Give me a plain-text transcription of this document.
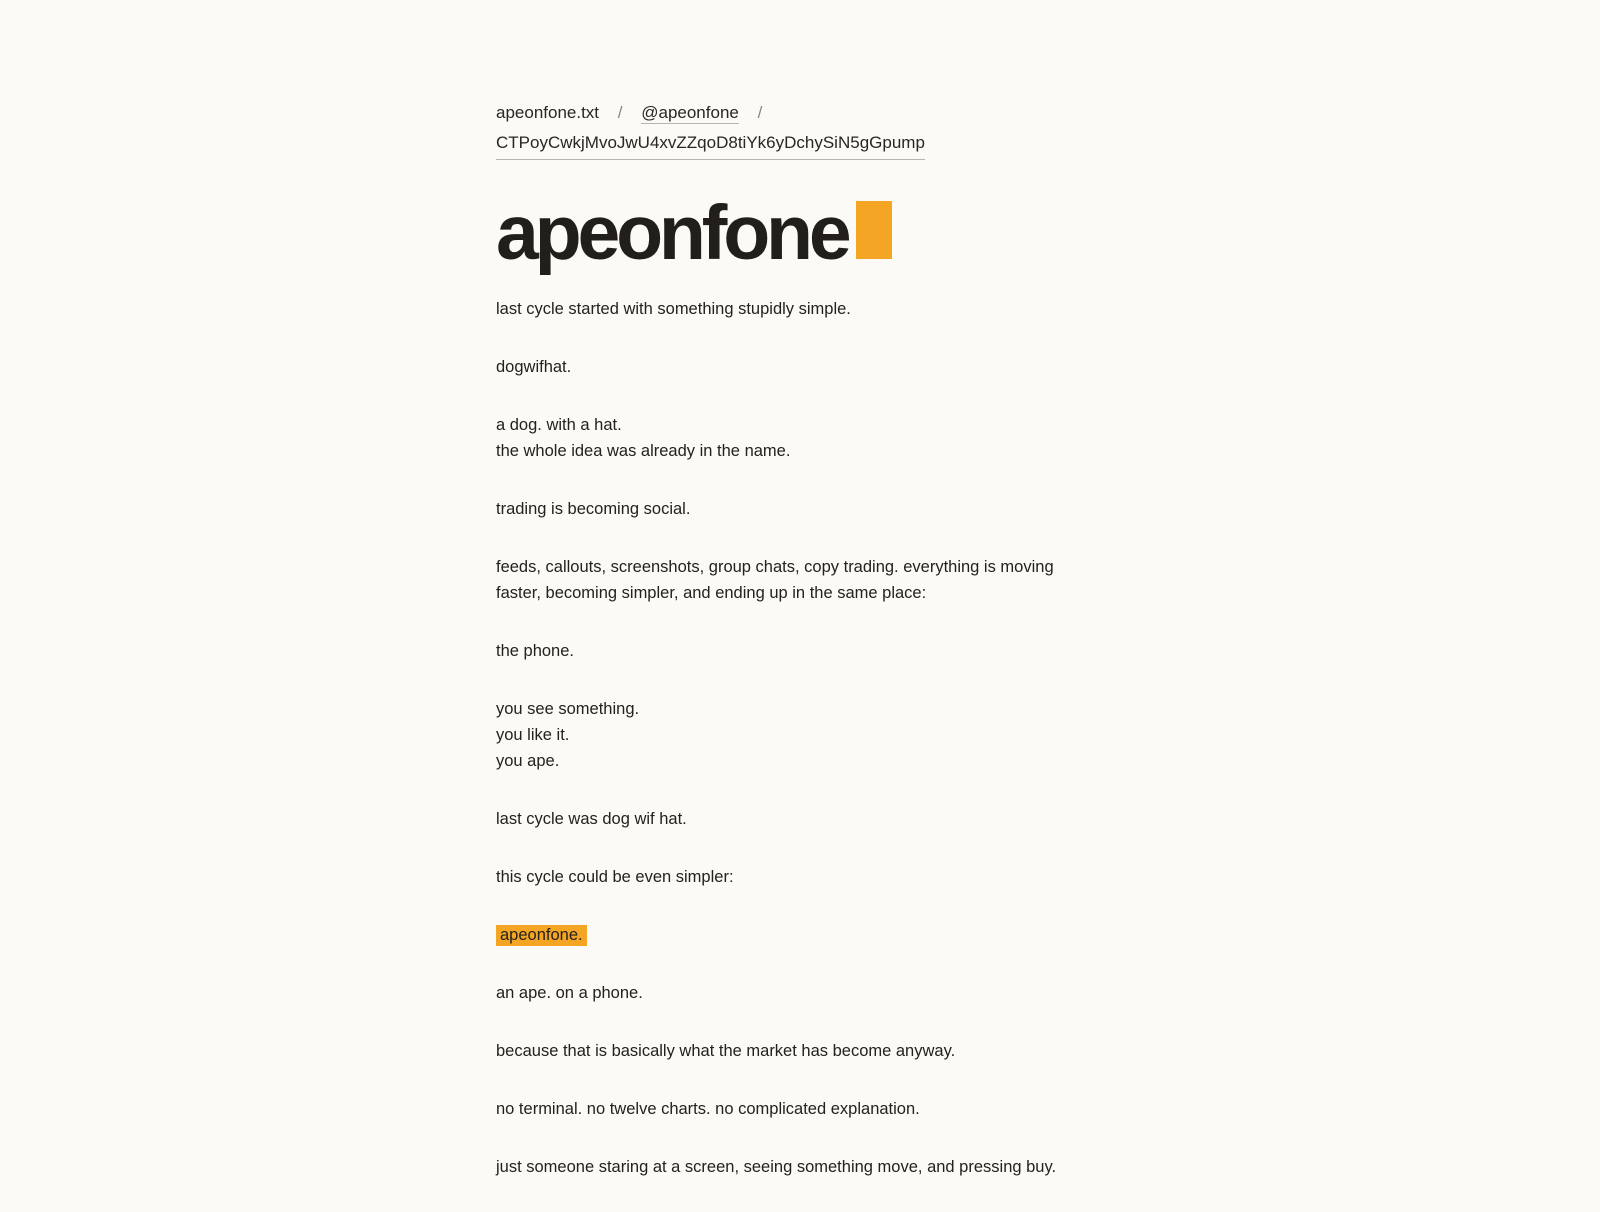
apeonfone.txt / @apeonfone /
CTPoyCwkjMvoJwU4xvZZqoD8tiYk6yDchySiN5gGpump
apeonfone

last cycle started with something stupidly simple.

dogwifhat.

a dog. with a hat.
the whole idea was already in the name.

trading is becoming social.

feeds, callouts, screenshots, group chats, copy trading. everything is moving
faster, becoming simpler, and ending up in the same place:

the phone.

you see something.
you like it.
you ape.

last cycle was dog wif hat.

this cycle could be even simpler:

apeonfone.

an ape. on a phone.

because that is basically what the market has become anyway.

no terminal. no twelve charts. no complicated explanation.

just someone staring at a screen, seeing something move, and pressing buy.
